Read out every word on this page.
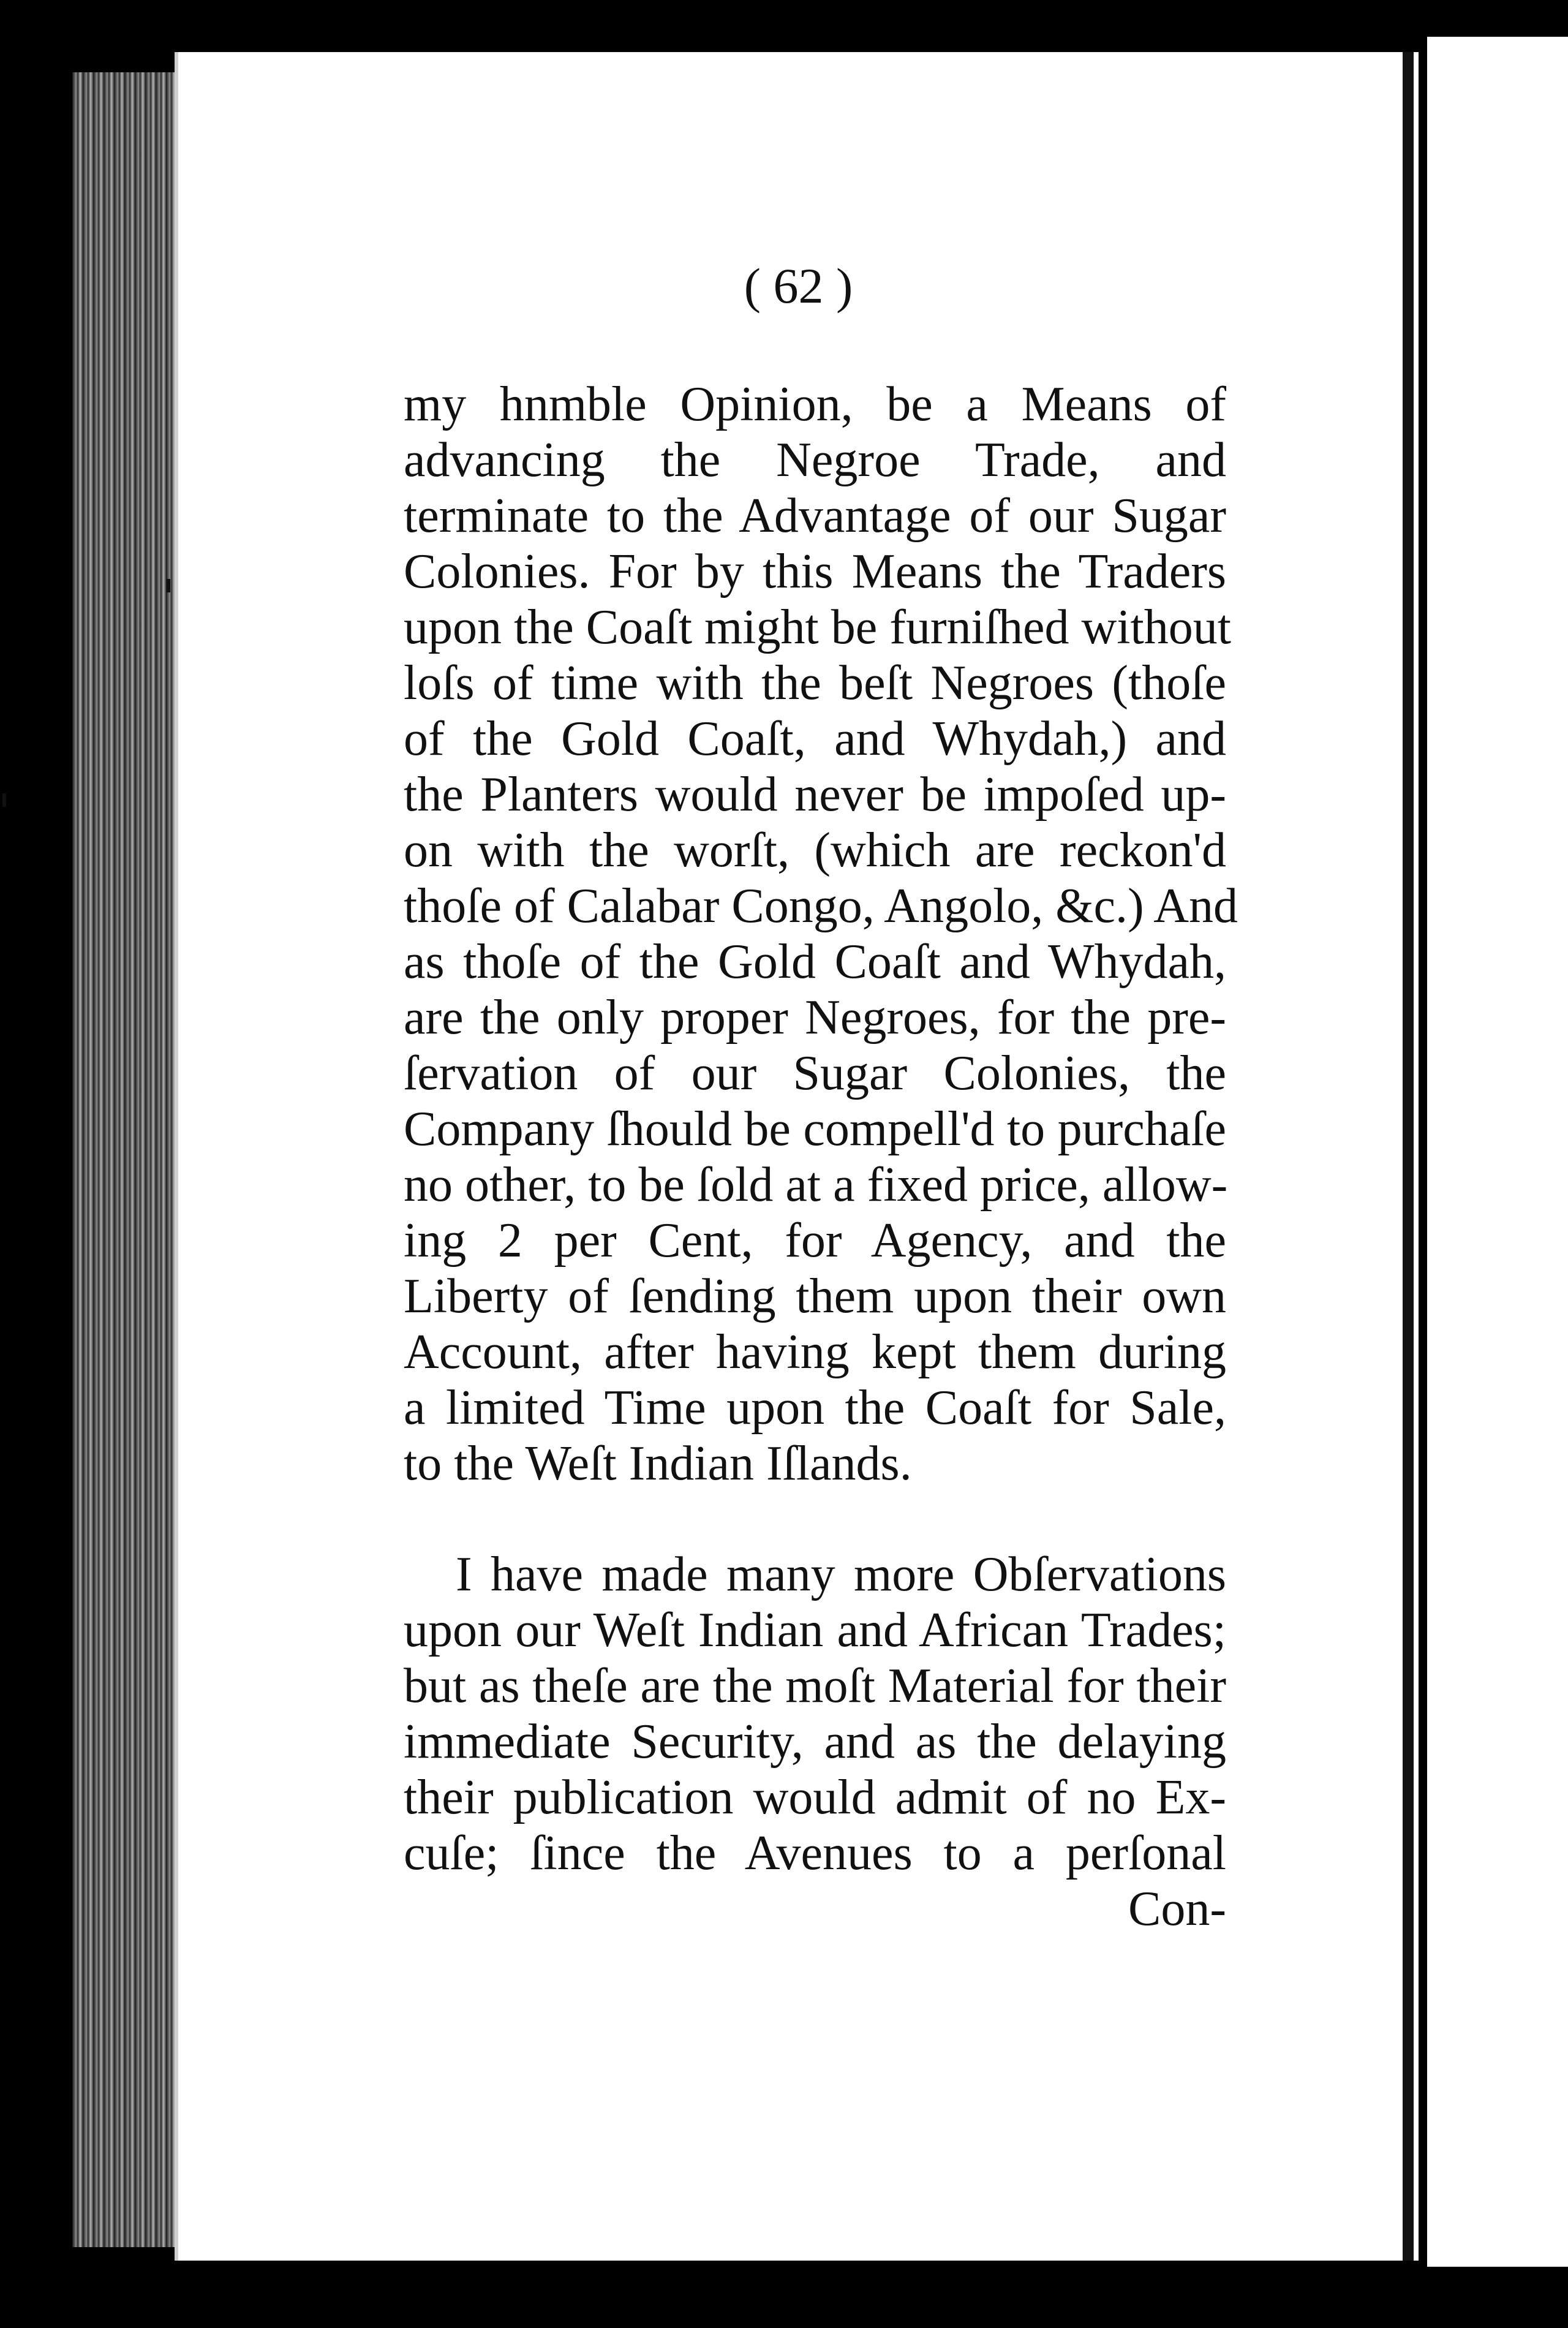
( 62 )
my hnmble Opinion, be a Means of
advancing the Negroe Trade, and
terminate to the Advantage of our Sugar
Colonies. For by this Means the Traders
upon the Coaſt might be furniſhed without
loſs of time with the beſt Negroes (thoſe
of the Gold Coaſt, and Whydah,) and
the Planters would never be impoſed up-
on with the worſt, (which are reckon'd
thoſe of Calabar Congo, Angolo, &c.) And
as thoſe of the Gold Coaſt and Whydah,
are the only proper Negroes, for the pre-
ſervation of our Sugar Colonies, the
Company ſhould be compell'd to purchaſe
no other, to be ſold at a fixed price, allow-
ing 2 per Cent, for Agency, and the
Liberty of ſending them upon their own
Account, after having kept them during
a limited Time upon the Coaſt for Sale,
to the Weſt Indian Iſlands.
I have made many more Obſervations
upon our Weſt Indian and African Trades;
but as theſe are the moſt Material for their
immediate Security, and as the delaying
their publication would admit of no Ex-
cuſe; ſince the Avenues to a perſonal
Con-
